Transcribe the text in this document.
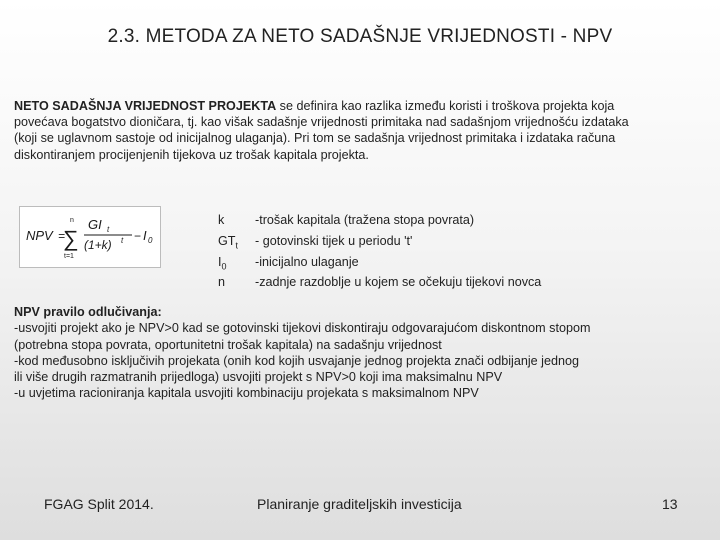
2.3. METODA ZA NETO SADAŠNJE VRIJEDNOSTI - NPV
NETO SADAŠNJA VRIJEDNOST PROJEKTA se definira kao razlika između koristi i troškova projekta koja
povećava bogatstvo dioničara, tj. kao višak sadašnje vrijednosti primitaka nad sadašnjom vrijednošću izdataka
(koji se uglavnom sastoje od inicijalnog ulaganja). Pri tom se sadašnja vrijednost primitaka i izdataka računa
diskontiranjem procijenjenih tijekova uz trošak kapitala projekta.
NPV =
∑
n
t=1
GI t
(1+k) t − I 0
k	-trošak kapitala (tražena stopa povrata)
$GT_t$	- gotovinski tijek u periodu 't'
$I_0$	-inicijalno ulaganje
n	-zadnje razdoblje u kojem se očekuju tijekovi novca
NPV pravilo odlučivanja:
-usvojiti projekt ako je NPV>0 kad se gotovinski tijekovi diskontiraju odgovarajućom diskontnom stopom
(potrebna stopa povrata, oportunitetni trošak kapitala) na sadašnju vrijednost
-kod međusobno isključivih projekata (onih kod kojih usvajanje jednog projekta znači odbijanje jednog
ili više drugih razmatranih prijedloga) usvojiti projekt s NPV>0 koji ima maksimalnu NPV
-u uvjetima racioniranja kapitala usvojiti kombinaciju projekata s maksimalnom NPV
FGAG Split 2014.	Planiranje graditeljskih investicija	13
